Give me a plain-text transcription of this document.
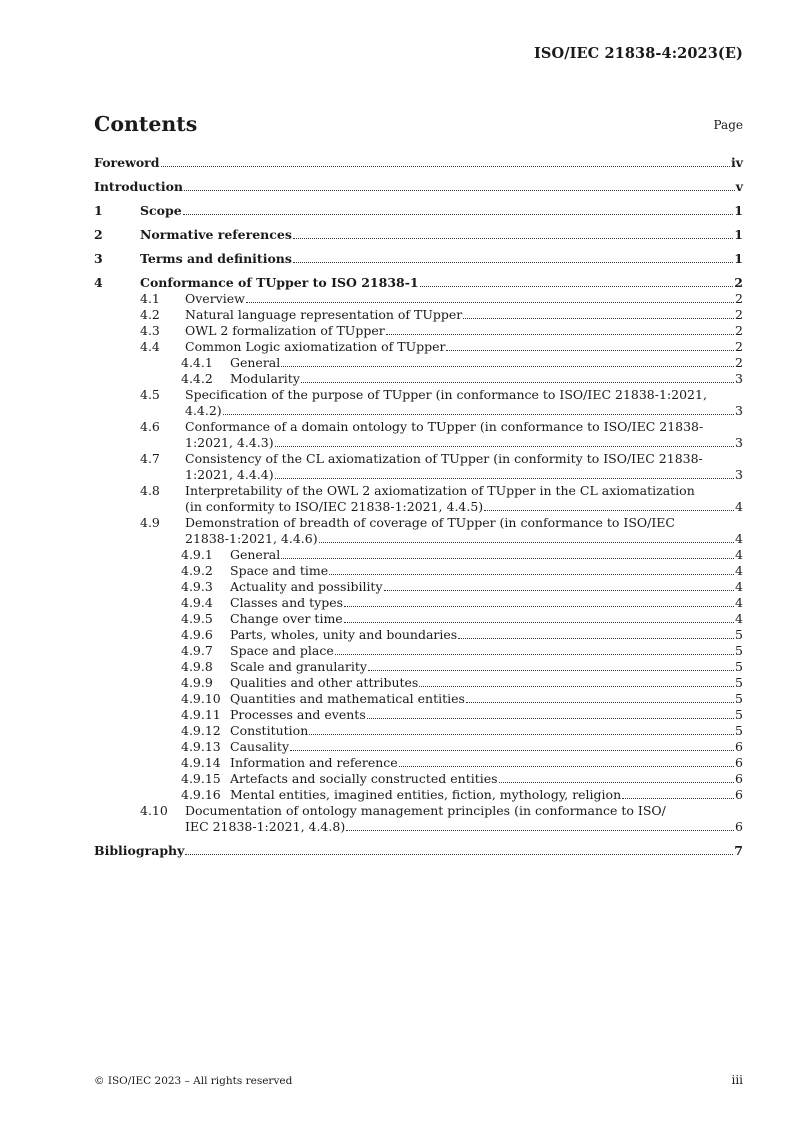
ISO/IEC 21838-4:2023(E)
Contents	Page
Foreword	iv
Introduction	v
1	Scope	1
2	Normative references	1
3	Terms and definitions	1
4	Conformance of TUpper to ISO 21838-1	2
4.1	Overview	2
4.2	Natural language representation of TUpper	2
4.3	OWL 2 formalization of TUpper	2
4.4	Common Logic axiomatization of TUpper	2
4.4.1	General	2
4.4.2	Modularity	3
4.5	Specification of the purpose of TUpper (in conformance to ISO/IEC 21838-1:2021,
4.4.2)	3
4.6	Conformance of a domain ontology to TUpper (in conformance to ISO/IEC 21838-
1:2021, 4.4.3)	3
4.7	Consistency of the CL axiomatization of TUpper (in conformity to ISO/IEC 21838-
1:2021, 4.4.4)	3
4.8	Interpretability of the OWL 2 axiomatization of TUpper in the CL axiomatization
(in conformity to ISO/IEC 21838-1:2021, 4.4.5)	4
4.9	Demonstration of breadth of coverage of TUpper (in conformance to ISO/IEC
21838-1:2021, 4.4.6)	4
4.9.1	General	4
4.9.2	Space and time	4
4.9.3	Actuality and possibility	4
4.9.4	Classes and types	4
4.9.5	Change over time	4
4.9.6	Parts, wholes, unity and boundaries	5
4.9.7	Space and place	5
4.9.8	Scale and granularity	5
4.9.9	Qualities and other attributes	5
4.9.10 Quantities and mathematical entities	5
4.9.11 Processes and events	5
4.9.12 Constitution	5
4.9.13 Causality	6
4.9.14 Information and reference	6
4.9.15 Artefacts and socially constructed entities	6
4.9.16 Mental entities, imagined entities, fiction, mythology, religion	6
4.10	Documentation of ontology management principles (in conformance to ISO/
IEC 21838-1:2021, 4.4.8)	6
Bibliography	7
© ISO/IEC 2023 – All rights reserved	iii
